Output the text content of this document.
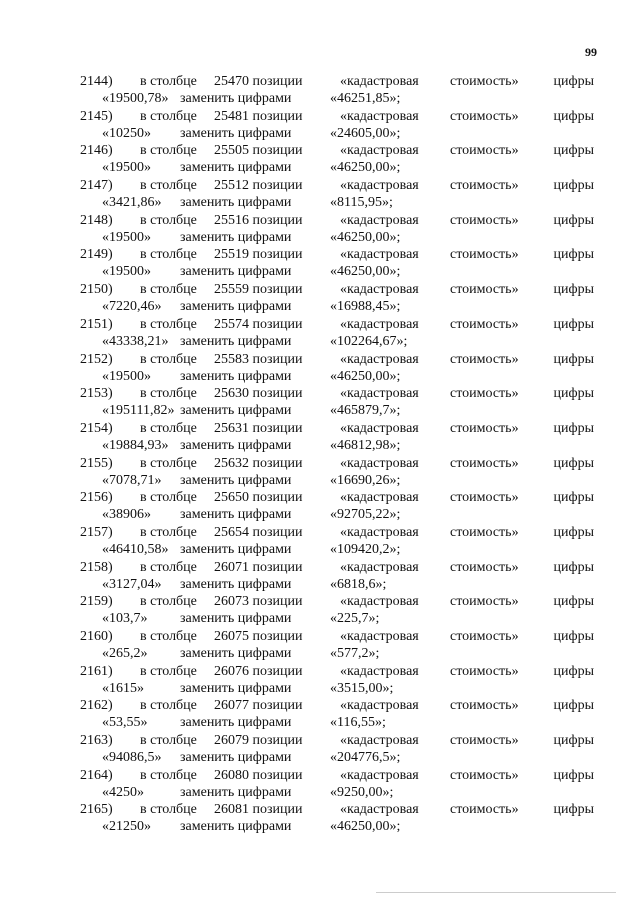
99
2144) в столбце 25470 позиции	«кадастровая стоимость» цифры
«19500,78» заменить цифрами	«46251,85»;
2145) в столбце 25481 позиции	«кадастровая стоимость» цифры
«10250» заменить цифрами	«24605,00»;
2146) в столбце 25505 позиции	«кадастровая стоимость» цифры
«19500» заменить цифрами	«46250,00»;
2147) в столбце 25512 позиции	«кадастровая стоимость» цифры
«3421,86» заменить цифрами	«8115,95»;
2148) в столбце 25516 позиции	«кадастровая стоимость» цифры
«19500» заменить цифрами	«46250,00»;
2149) в столбце 25519 позиции	«кадастровая стоимость» цифры
«19500» заменить цифрами	«46250,00»;
2150) в столбце 25559 позиции	«кадастровая стоимость» цифры
«7220,46» заменить цифрами	«16988,45»;
2151) в столбце 25574 позиции	«кадастровая стоимость» цифры
«43338,21» заменить цифрами	«102264,67»;
2152) в столбце 25583 позиции	«кадастровая стоимость» цифры
«19500» заменить цифрами	«46250,00»;
2153) в столбце 25630 позиции	«кадастровая стоимость» цифры
«195111,82» заменить цифрами	«465879,7»;
2154) в столбце 25631 позиции	«кадастровая стоимость» цифры
«19884,93» заменить цифрами	«46812,98»;
2155) в столбце 25632 позиции	«кадастровая стоимость» цифры
«7078,71» заменить цифрами	«16690,26»;
2156) в столбце 25650 позиции	«кадастровая стоимость» цифры
«38906» заменить цифрами	«92705,22»;
2157) в столбце 25654 позиции	«кадастровая стоимость» цифры
«46410,58» заменить цифрами	«109420,2»;
2158) в столбце 26071 позиции	«кадастровая стоимость» цифры
«3127,04» заменить цифрами	«6818,6»;
2159) в столбце 26073 позиции	«кадастровая стоимость» цифры
«103,7» заменить цифрами	«225,7»;
2160) в столбце 26075 позиции	«кадастровая стоимость» цифры
«265,2» заменить цифрами	«577,2»;
2161) в столбце 26076 позиции	«кадастровая стоимость» цифры
«1615»	заменить цифрами	«3515,00»;
2162) в столбце 26077 позиции	«кадастровая стоимость» цифры
«53,55» заменить цифрами	«116,55»;
2163) в столбце 26079 позиции	«кадастровая стоимость» цифры
«94086,5» заменить цифрами	«204776,5»;
2164) в столбце 26080 позиции	«кадастровая стоимость» цифры
«4250»	заменить цифрами	«9250,00»;
2165) в столбце 26081 позиции	«кадастровая стоимость» цифры
«21250» заменить цифрами	«46250,00»;
